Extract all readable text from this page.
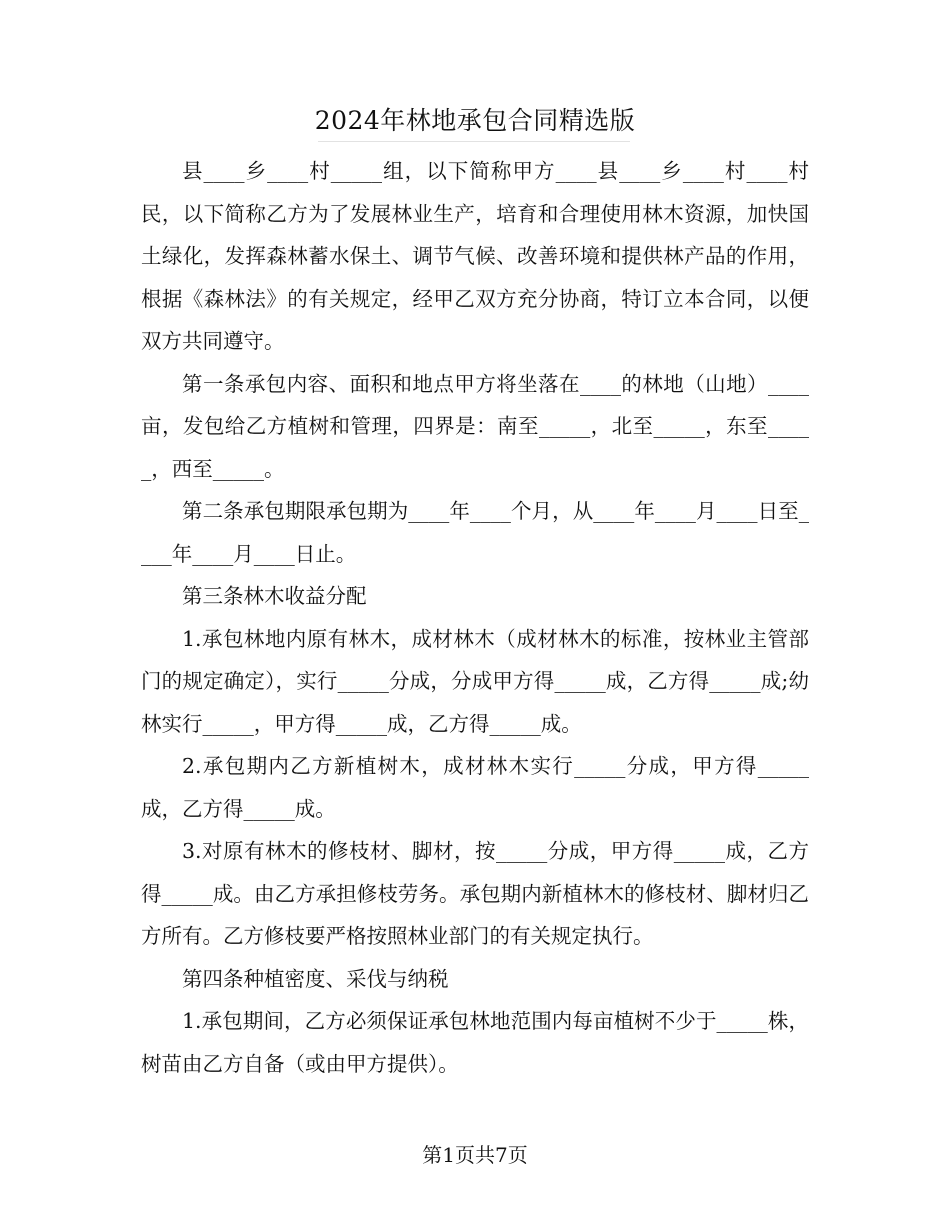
2024年林地承包合同精选版

县____乡____村_____组，以下简称甲方____县____乡____村____村民，以下简称乙方为了发展林业生产，培育和合理使用林木资源，加快国土绿化，发挥森林蓄水保土、调节气候、改善环境和提供林产品的作用，根据《森林法》的有关规定，经甲乙双方充分协商，特订立本合同，以便双方共同遵守。

第一条承包内容、面积和地点甲方将坐落在____的林地（山地）____亩，发包给乙方植树和管理，四界是：南至_____，北至_____，东至_____，西至_____。

第二条承包期限承包期为____年____个月，从____年____月____日至____年____月____日止。

第三条林木收益分配

1.承包林地内原有林木，成材林木（成材林木的标准，按林业主管部门的规定确定），实行_____分成，分成甲方得_____成，乙方得_____成;幼林实行_____，甲方得_____成，乙方得_____成。

2.承包期内乙方新植树木，成材林木实行_____分成，甲方得_____成，乙方得_____成。

3.对原有林木的修枝材、脚材，按_____分成，甲方得_____成，乙方得_____成。由乙方承担修枝劳务。承包期内新植林木的修枝材、脚材归乙方所有。乙方修枝要严格按照林业部门的有关规定执行。

第四条种植密度、采伐与纳税

1.承包期间，乙方必须保证承包林地范围内每亩植树不少于_____株，树苗由乙方自备（或由甲方提供）。

第1页共7页
